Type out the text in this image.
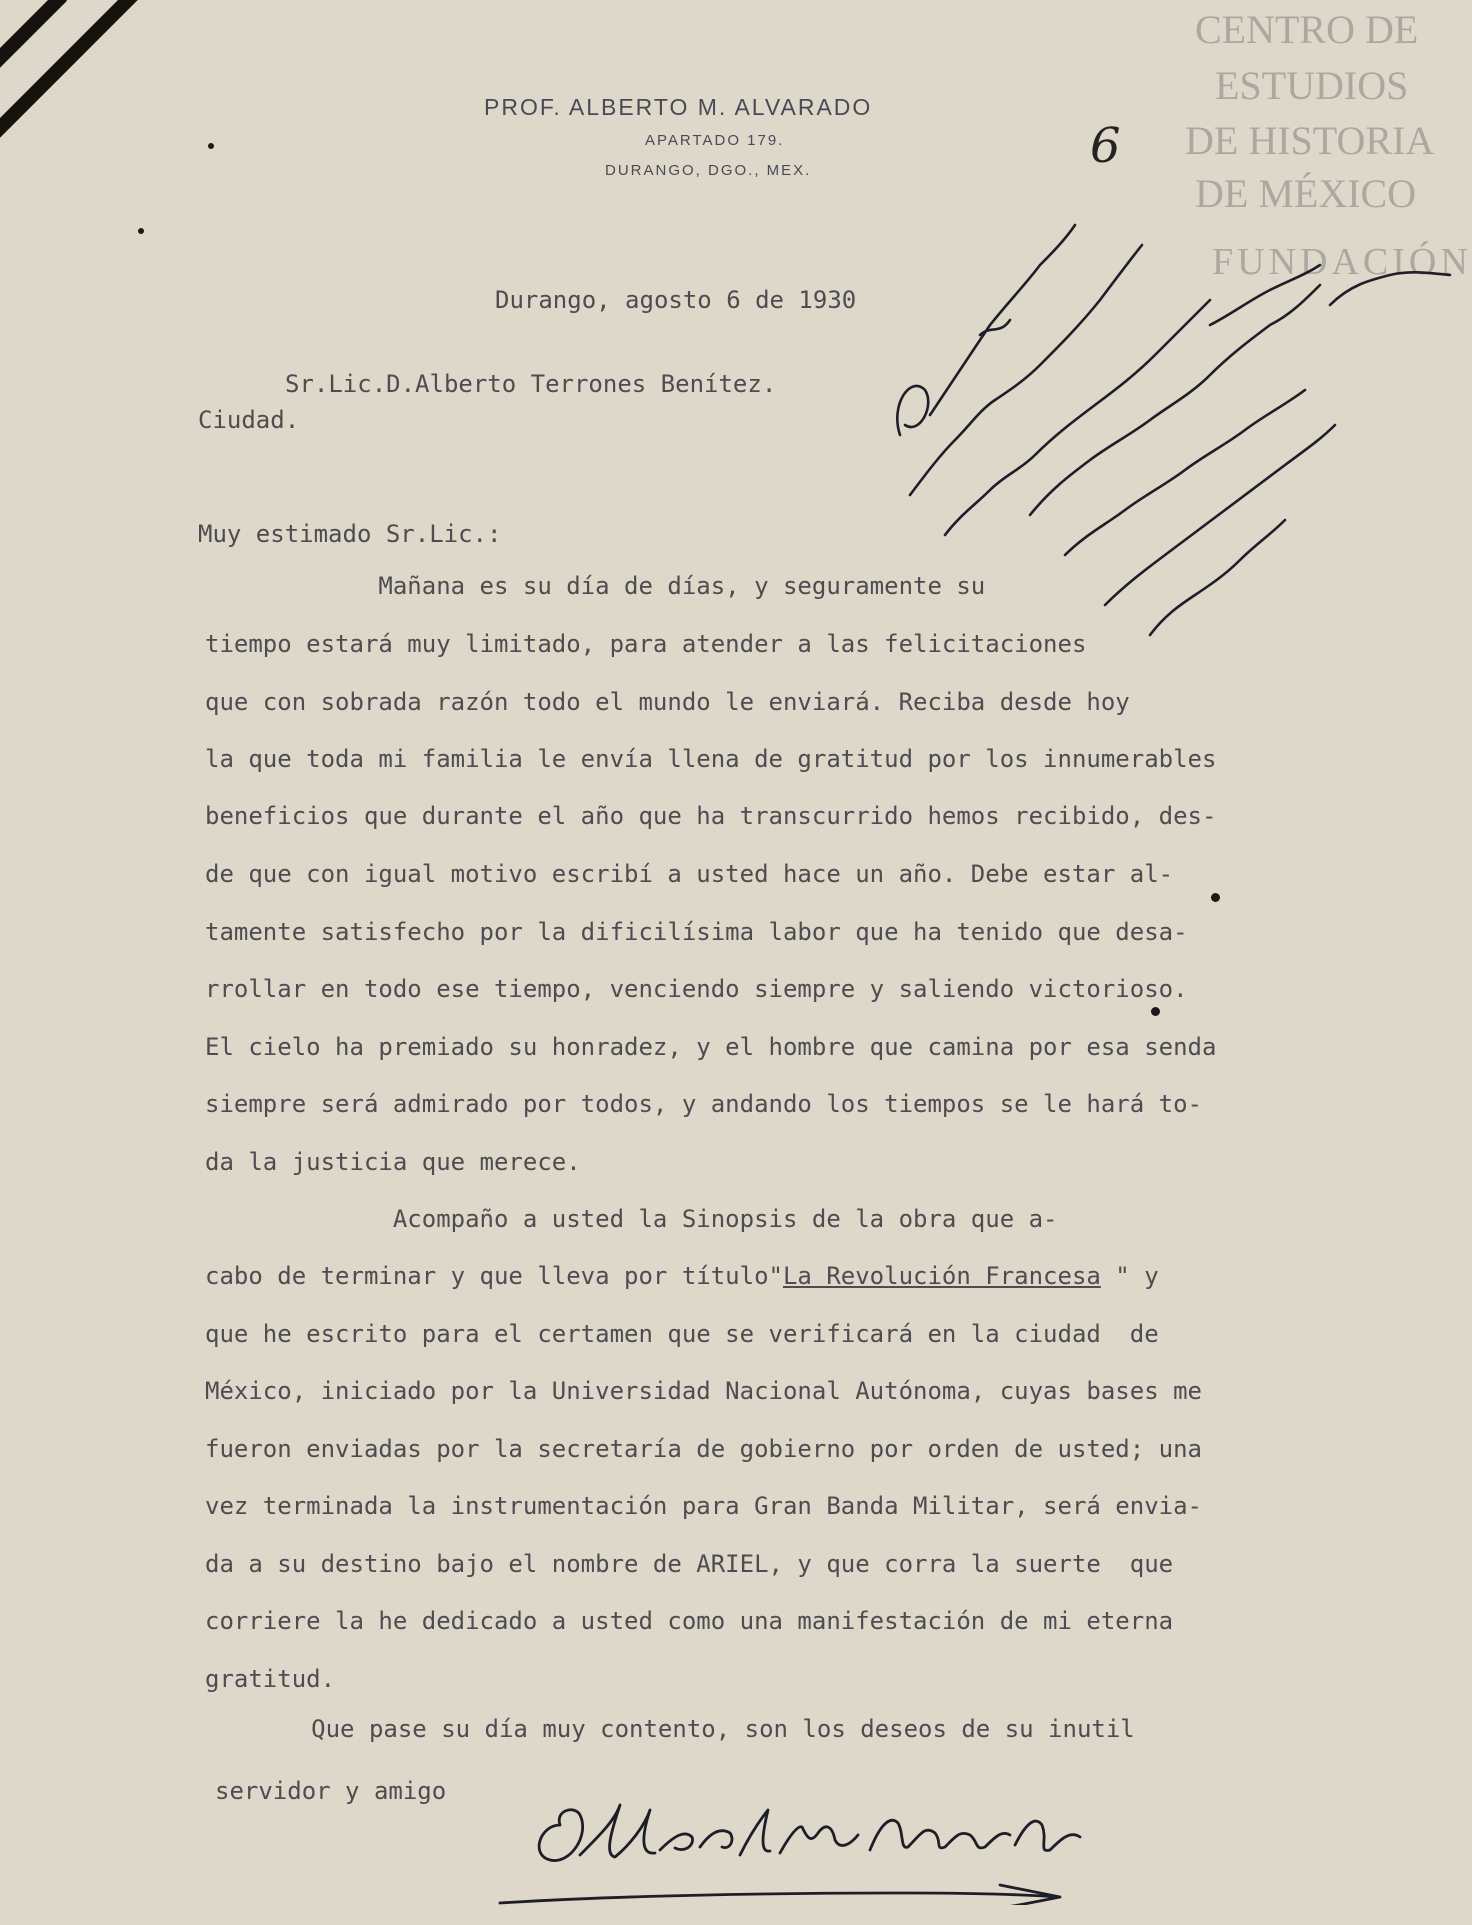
CENTRO DE
ESTUDIOS
DE HISTORIA
DE MÉXICO
FUNDACIÓN
PROF. ALBERTO M. ALVARADO
APARTADO 179.
DURANGO, DGO., MEX.	6
Durango, agosto 6 de 1930
Sr.Lic.D.Alberto Terrones Benítez.
Ciudad.
Muy estimado Sr.Lic.:
Mañana es su día de días, y seguramente su
tiempo estará muy limitado, para atender a las felicitaciones
que con sobrada razón todo el mundo le enviará. Reciba desde hoy
la que toda mi familia le envía llena de gratitud por los innumerables
beneficios que durante el año que ha transcurrido hemos recibido, des-
de que con igual motivo escribí a usted hace un año. Debe estar al-
tamente satisfecho por la dificilísima labor que ha tenido que desa-
rrollar en todo ese tiempo, venciendo siempre y saliendo victorioso.
El cielo ha premiado su honradez, y el hombre que camina por esa senda
siempre será admirado por todos, y andando los tiempos se le hará to-
da la justicia que merece.
Acompaño a usted la Sinopsis de la obra que a-
cabo de terminar y que lleva por título"La Revolución Francesa " y
que he escrito para el certamen que se verificará en la ciudad  de
México, iniciado por la Universidad Nacional Autónoma, cuyas bases me
fueron enviadas por la secretaría de gobierno por orden de usted; una
vez terminada la instrumentación para Gran Banda Militar, será envia-
da a su destino bajo el nombre de ARIEL, y que corra la suerte  que
corriere la he dedicado a usted como una manifestación de mi eterna
gratitud.
Que pase su día muy contento, son los deseos de su inutil
servidor y amigo
